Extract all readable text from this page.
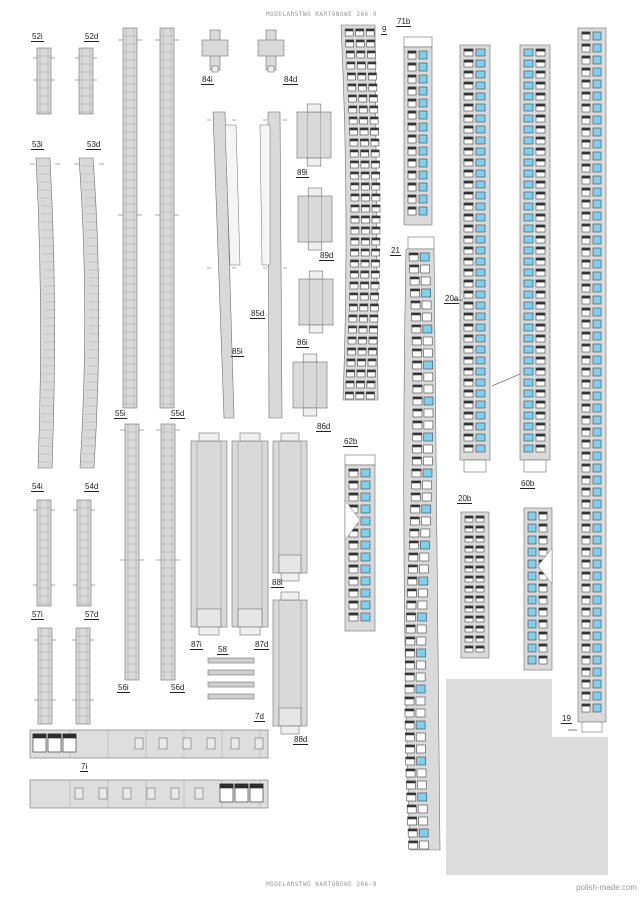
MODELARSTWO KARTONOWE 206-9
MODELARSTWO KARTONOWE 206-9
52i	52d
53i	53d
54i	54d
57i	57d
55i	55d
56i	56d
84i	84d
85i
85d
89i
89d
86i
86d
87i	87d
88i
88d
58
7d
7i
9
21
71b
62b
20a
20b
60b
19
polish-made.com
